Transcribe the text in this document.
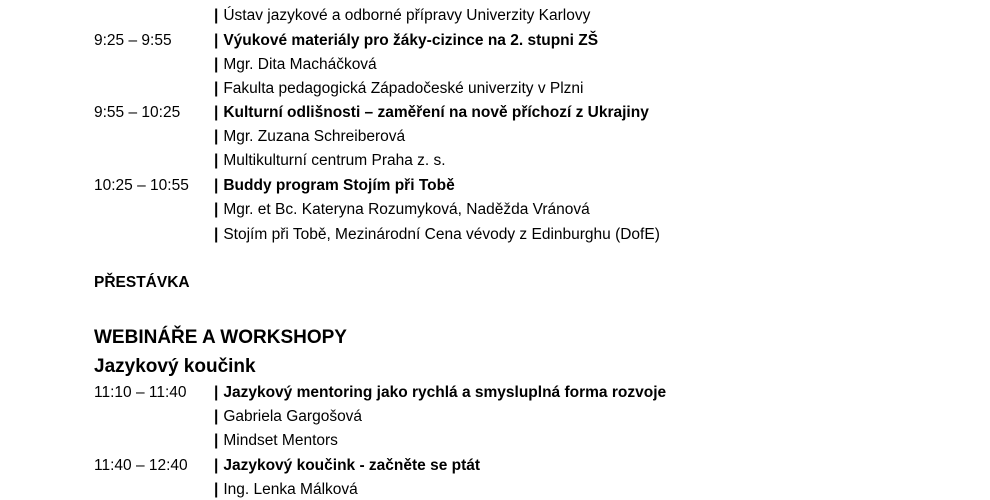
| Ústav jazykové a odborné přípravy Univerzity Karlovy
9:25 – 9:55	| Výukové materiály pro žáky-cizince na 2. stupni ZŠ
| Mgr. Dita Macháčková
| Fakulta pedagogická Západočeské univerzity v Plzni
9:55 – 10:25 | Kulturní odlišnosti – zaměření na nově příchozí z Ukrajiny
| Mgr. Zuzana Schreiberová
| Multikulturní centrum Praha z. s.
10:25 – 10:55 | Buddy program Stojím při Tobě
| Mgr. et Bc. Kateryna Rozumyková, Naděžda Vránová
| Stojím při Tobě, Mezinárodní Cena vévody z Edinburghu (DofE)
PŘESTÁVKA
WEBINÁŘE A WORKSHOPY
Jazykový koučink
11:10 – 11:40 | Jazykový mentoring jako rychlá a smysluplná forma rozvoje
| Gabriela Gargošová
| Mindset Mentors
11:40 – 12:40 | Jazykový koučink - začněte se ptát
| Ing. Lenka Málková
